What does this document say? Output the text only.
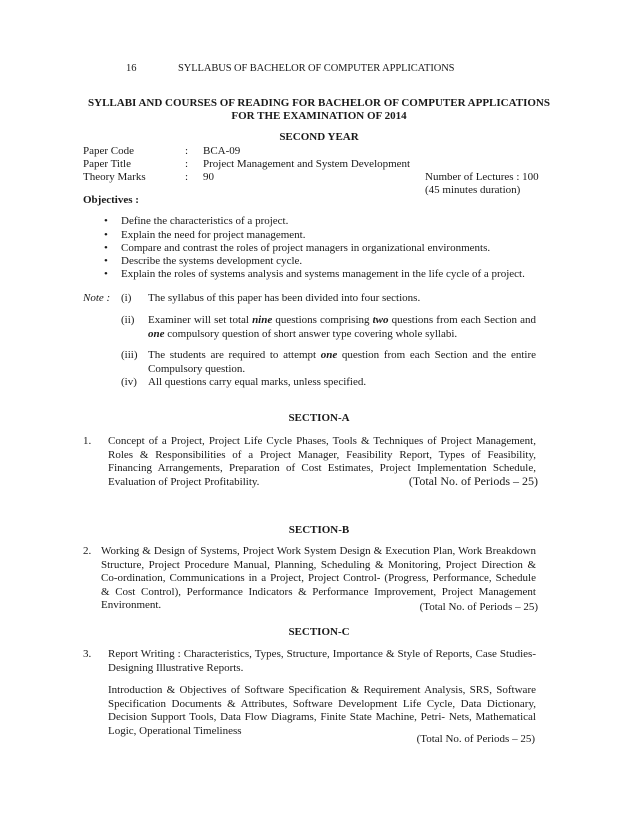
16	SYLLABUS OF BACHELOR OF COMPUTER APPLICATIONS
SYLLABI AND COURSES OF READING FOR BACHELOR OF COMPUTER APPLICATIONS
FOR THE EXAMINATION OF 2014
SECOND YEAR
Paper Code	: BCA-09
Paper Title	: Project Management and System Development
Theory Marks	: 90	Number of Lectures : 100
(45 minutes duration)
Objectives :
• Define the characteristics of a project.
• Explain the need for project management.
• Compare and contrast the roles of project managers in organizational environments.
• Describe the systems development cycle.
• Explain the roles of systems analysis and systems management in the life cycle of a project.
Note : (i) The syllabus of this paper has been divided into four sections.
(ii) Examiner will set total nine questions comprising two questions from each Section and one compulsory question of short answer type covering whole syllabi.
(iii) The students are required to attempt one question from each Section and the entire Compulsory question.
(iv) All questions carry equal marks, unless specified.
SECTION-A
1. Concept of a Project, Project Life Cycle Phases, Tools & Techniques of Project Management, Roles & Responsibilities of a Project Manager, Feasibility Report, Types of Feasibility, Financing Arrangements, Preparation of Cost Estimates, Project Implementation Schedule, Evaluation of Project Profitability.	(Total No. of Periods – 25)
SECTION-B
2. Working & Design of Systems, Project Work System Design & Execution Plan, Work Breakdown Structure, Project Procedure Manual, Planning, Scheduling & Monitoring, Project Direction & Co-ordination, Communications in a Project, Project Control- (Progress, Performance, Schedule & Cost Control), Performance Indicators & Performance Improvement, Project Management Environment.	(Total No. of Periods – 25)
SECTION-C
3. Report Writing : Characteristics, Types, Structure, Importance & Style of Reports, Case Studies-Designing Illustrative Reports.
Introduction & Objectives of Software Specification & Requirement Analysis, SRS, Software Specification Documents & Attributes, Software Development Life Cycle, Data Dictionary, Decision Support Tools, Data Flow Diagrams, Finite State Machine, Petri- Nets, Mathematical Logic, Operational Timeliness
(Total No. of Periods – 25)
